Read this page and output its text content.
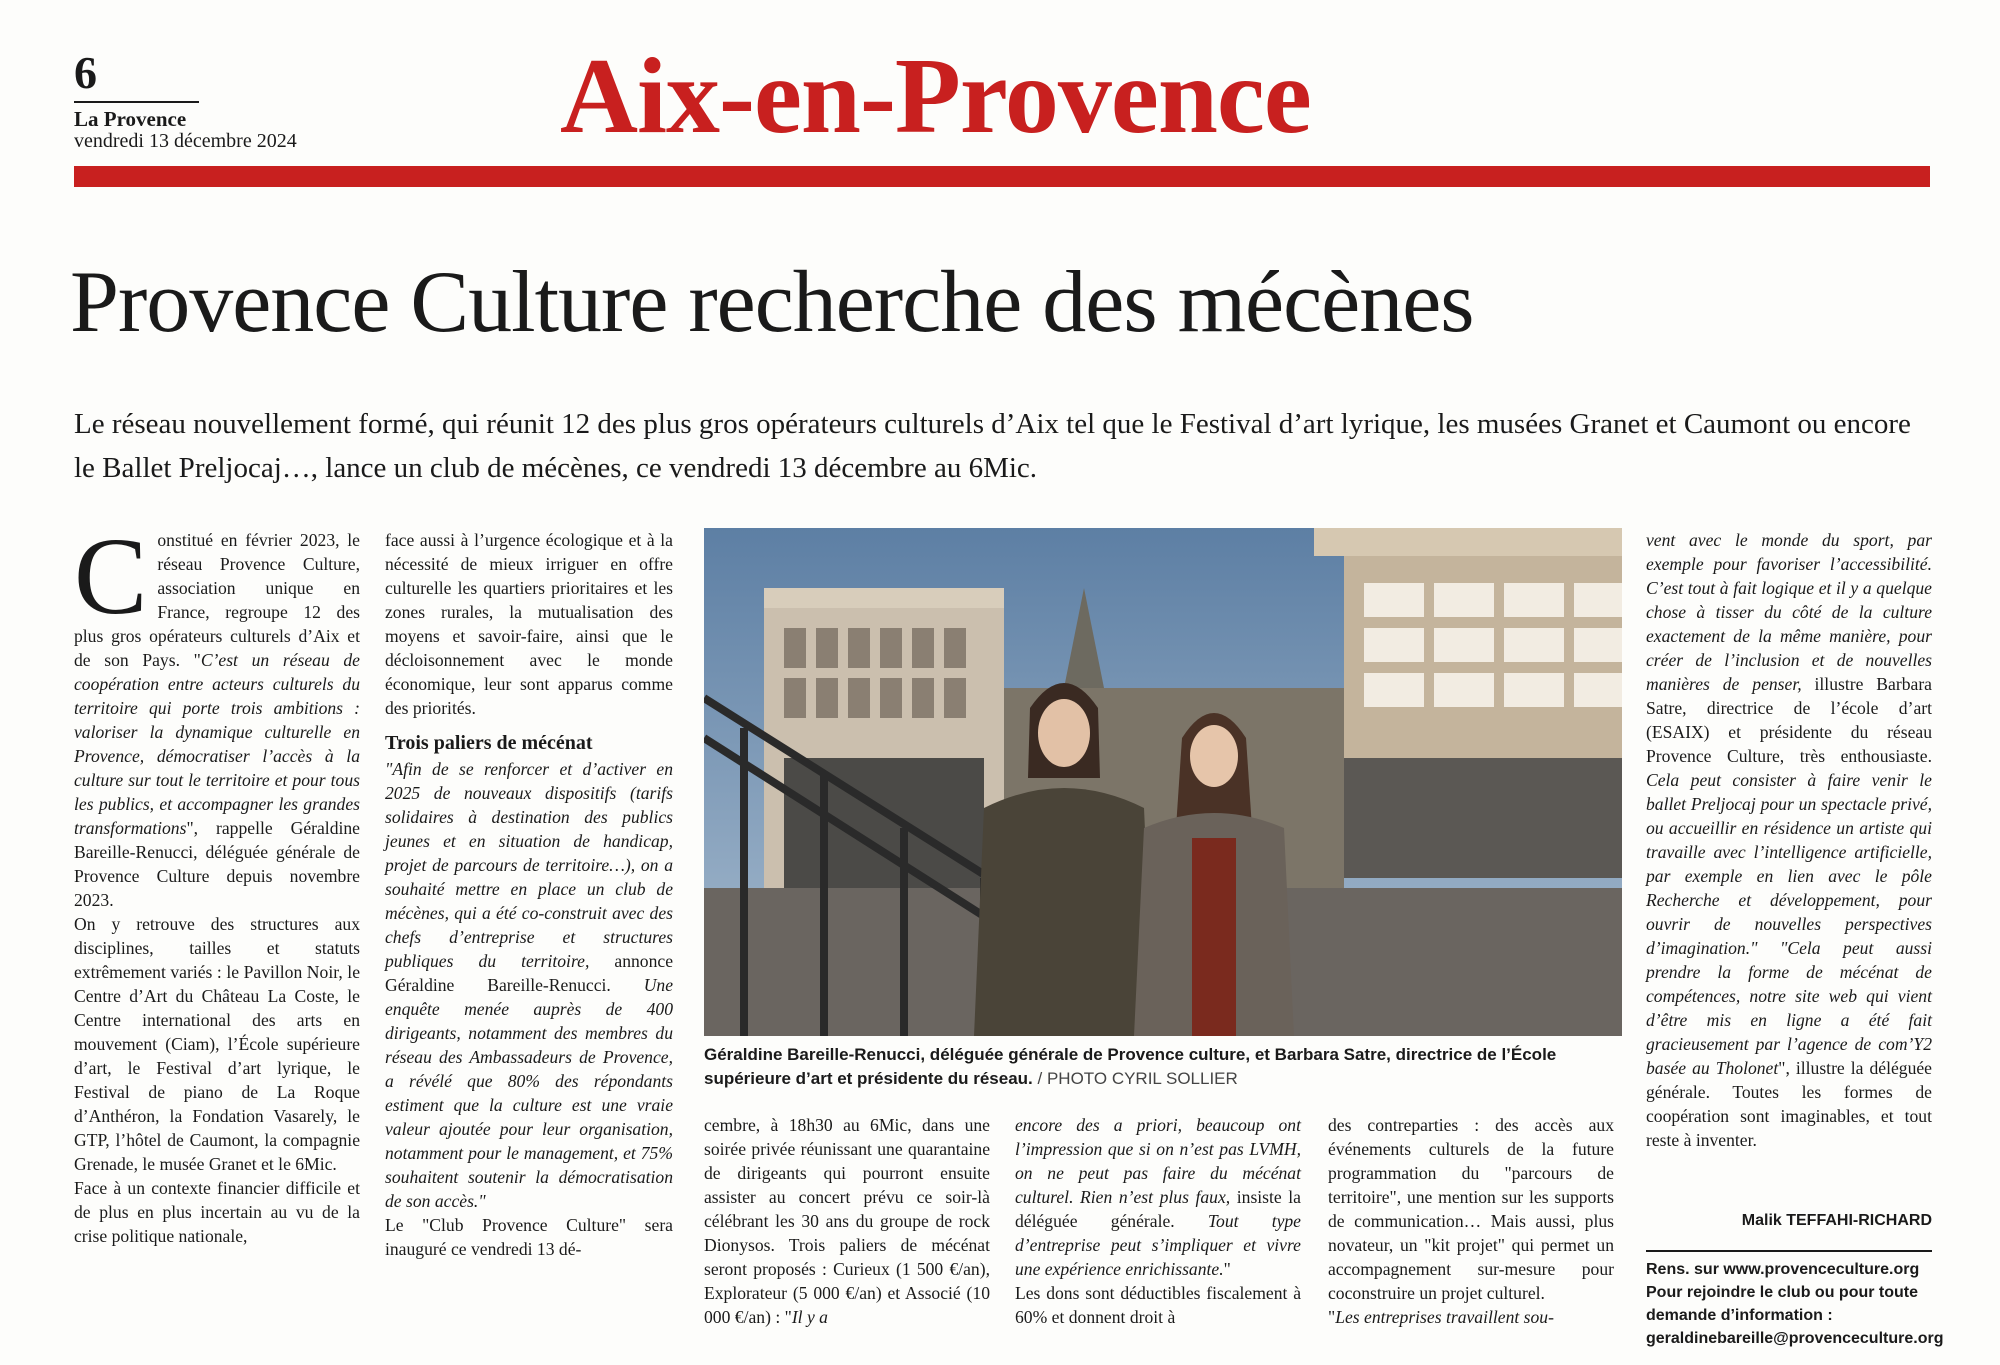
6
La Provence
vendredi 13 décembre 2024 Aix-en-Provence
Provence Culture recherche des mécènes
Le réseau nouvellement formé, qui réunit 12 des plus gros opérateurs culturels d’Aix tel que le Festival d’art lyrique, les musées Granet et Caumont ou encore le Ballet Preljocaj…, lance un club de mécènes, ce vendredi 13 décembre au 6Mic.

Constitué en février 2023, le réseau Provence Culture, association unique en France, regroupe 12 des plus gros opérateurs culturels d’Aix et de son Pays. "C’est un réseau de coopération entre acteurs culturels du territoire qui porte trois ambitions : valoriser la dynamique culturelle en Provence, démocratiser l’accès à la culture sur tout le territoire et pour tous les publics, et accompagner les grandes transformations", rappelle Géraldine Bareille-Renucci, déléguée générale de Provence Culture depuis novembre 2023.

On y retrouve des structures aux disciplines, tailles et statuts extrêmement variés : le Pavillon Noir, le Centre d’Art du Château La Coste, le Centre international des arts en mouvement (Ciam), l’École supérieure d’art, le Festival d’art lyrique, le Festival de piano de La Roque d’Anthéron, la Fondation Vasarely, le GTP, l’hôtel de Caumont, la compagnie Grenade, le musée Granet et le 6Mic.

Face à un contexte financier difficile et de plus en plus incertain au vu de la crise politique nationale,

face aussi à l’urgence écologique et à la nécessité de mieux irriguer en offre culturelle les quartiers prioritaires et les zones rurales, la mutualisation des moyens et savoir-faire, ainsi que le décloisonnement avec le monde économique, leur sont apparus comme des priorités.

Trois paliers de mécénat

"Afin de se renforcer et d’activer en 2025 de nouveaux dispositifs (tarifs solidaires à destination des publics jeunes et en situation de handicap, projet de parcours de territoire…), on a souhaité mettre en place un club de mécènes, qui a été co-construit avec des chefs d’entreprise et structures publiques du territoire, annonce Géraldine Bareille-Renucci. Une enquête menée auprès de 400 dirigeants, notamment des membres du réseau des Ambassadeurs de Provence, a révélé que 80% des répondants estiment que la culture est une vraie valeur ajoutée pour leur organisation, notamment pour le management, et 75% souhaitent soutenir la démocratisation de son accès."

Le "Club Provence Culture" sera inauguré ce vendredi 13 dé-

Géraldine Bareille-Renucci, déléguée générale de Provence culture, et Barbara Satre, directrice de l’École supérieure d’art et présidente du réseau. / PHOTO CYRIL SOLLIER

cembre, à 18h30 au 6Mic, dans une soirée privée réunissant une quarantaine de dirigeants qui pourront ensuite assister au concert prévu ce soir-là célébrant les 30 ans du groupe de rock Dionysos. Trois paliers de mécénat seront proposés : Curieux (1 500 €/an), Explorateur (5 000 €/an) et Associé (10 000 €/an) : "Il y a

encore des a priori, beaucoup ont l’impression que si on n’est pas LVMH, on ne peut pas faire du mécénat culturel. Rien n’est plus faux, insiste la déléguée générale. Tout type d’entreprise peut s’impliquer et vivre une expérience enrichissante."

Les dons sont déductibles fiscalement à 60% et donnent droit à

des contreparties : des accès aux événements culturels de la future programmation du "parcours de territoire", une mention sur les supports de communication… Mais aussi, plus novateur, un "kit projet" qui permet un accompagnement sur-mesure pour coconstruire un projet culturel.

"Les entreprises travaillent sou-

vent avec le monde du sport, par exemple pour favoriser l’accessibilité. C’est tout à fait logique et il y a quelque chose à tisser du côté de la culture exactement de la même manière, pour créer de l’inclusion et de nouvelles manières de penser, illustre Barbara Satre, directrice de l’école d’art (ESAIX) et présidente du réseau Provence Culture, très enthousiaste. Cela peut consister à faire venir le ballet Preljocaj pour un spectacle privé, ou accueillir en résidence un artiste qui travaille avec l’intelligence artificielle, par exemple en lien avec le pôle Recherche et développement, pour ouvrir de nouvelles perspectives d’imagination." "Cela peut aussi prendre la forme de mécénat de compétences, notre site web qui vient d’être mis en ligne a été fait gracieusement par l’agence de com’Y2 basée au Tholonet", illustre la déléguée générale. Toutes les formes de coopération sont imaginables, et tout reste à inventer.

Malik TEFFAHI-RICHARD
Rens. sur www.provenceculture.org Pour rejoindre le club ou pour toute demande d’information : geraldinebareille@provenceculture.org
